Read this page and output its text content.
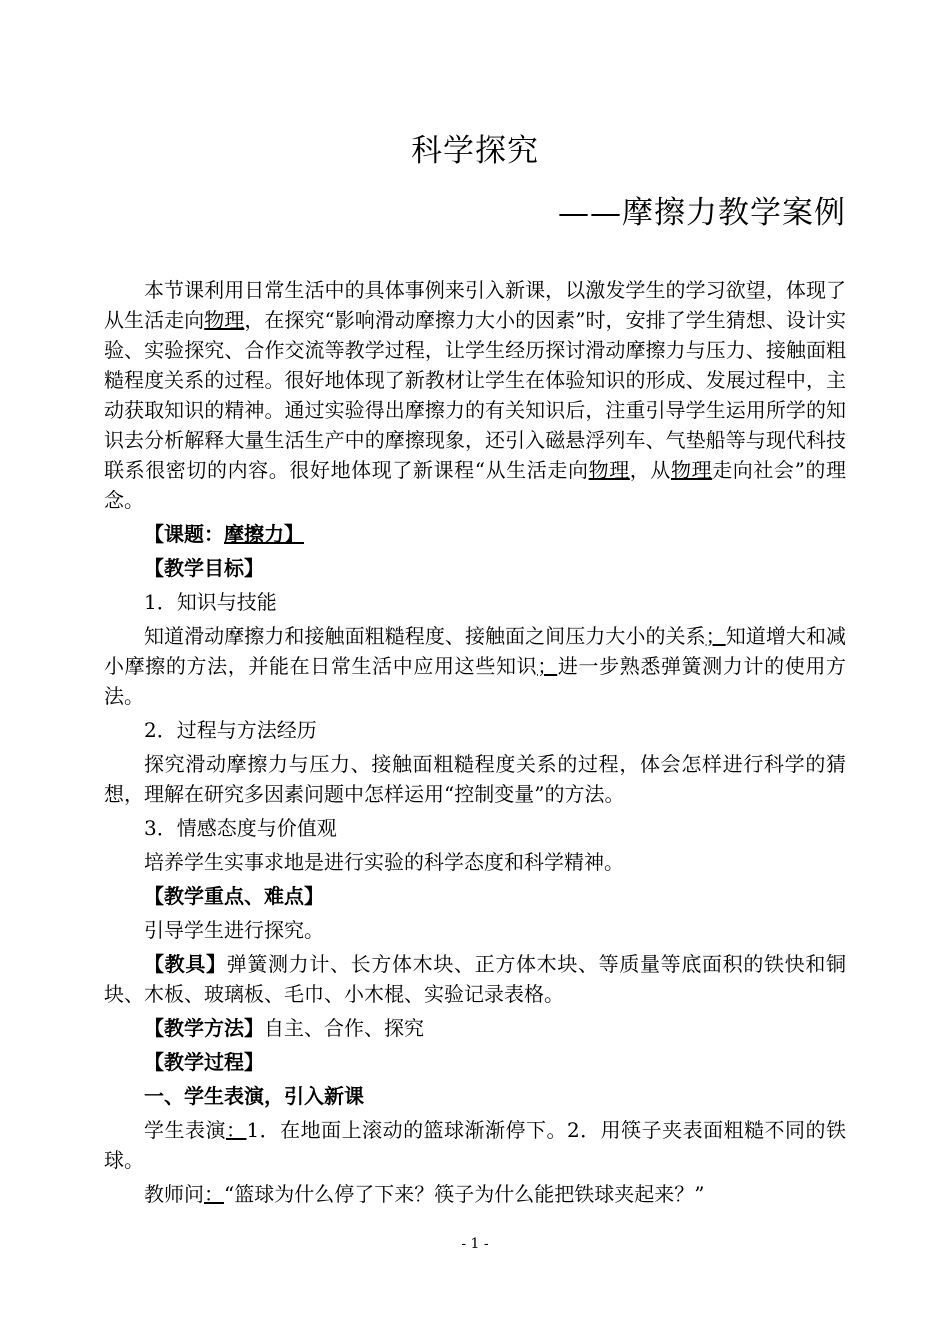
科学探究
——摩擦力教学案例

本节课利用日常生活中的具体事例来引入新课，以激发学生的学习欲望，体现了从生活走向物理，在探究“影响滑动摩擦力大小的因素”时，安排了学生猜想、设计实验、实验探究、合作交流等教学过程，让学生经历探讨滑动摩擦力与压力、接触面粗糙程度关系的过程。很好地体现了新教材让学生在体验知识的形成、发展过程中，主动获取知识的精神。通过实验得出摩擦力的有关知识后，注重引导学生运用所学的知识去分析解释大量生活生产中的摩擦现象，还引入磁悬浮列车、气垫船等与现代科技联系很密切的内容。很好地体现了新课程“从生活走向物理，从物理走向社会”的理念。

【课题：摩擦力】

【教学目标】

1．知识与技能

知道滑动摩擦力和接触面粗糙程度、接触面之间压力大小的关系；知道增大和减小摩擦的方法，并能在日常生活中应用这些知识；进一步熟悉弹簧测力计的使用方法。

2．过程与方法经历

探究滑动摩擦力与压力、接触面粗糙程度关系的过程，体会怎样进行科学的猜想，理解在研究多因素问题中怎样运用“控制变量”的方法。

3．情感态度与价值观

培养学生实事求地是进行实验的科学态度和科学精神。

【教学重点、难点】

引导学生进行探究。

【教具】弹簧测力计、长方体木块、正方体木块、等质量等底面积的铁快和铜块、木板、玻璃板、毛巾、小木棍、实验记录表格。

【教学方法】自主、合作、探究

【教学过程】

一、学生表演，引入新课

学生表演：1．在地面上滚动的篮球渐渐停下。2．用筷子夹表面粗糙不同的铁球。

教师问：“篮球为什么停了下来？筷子为什么能把铁球夹起来？”

- 1 -
